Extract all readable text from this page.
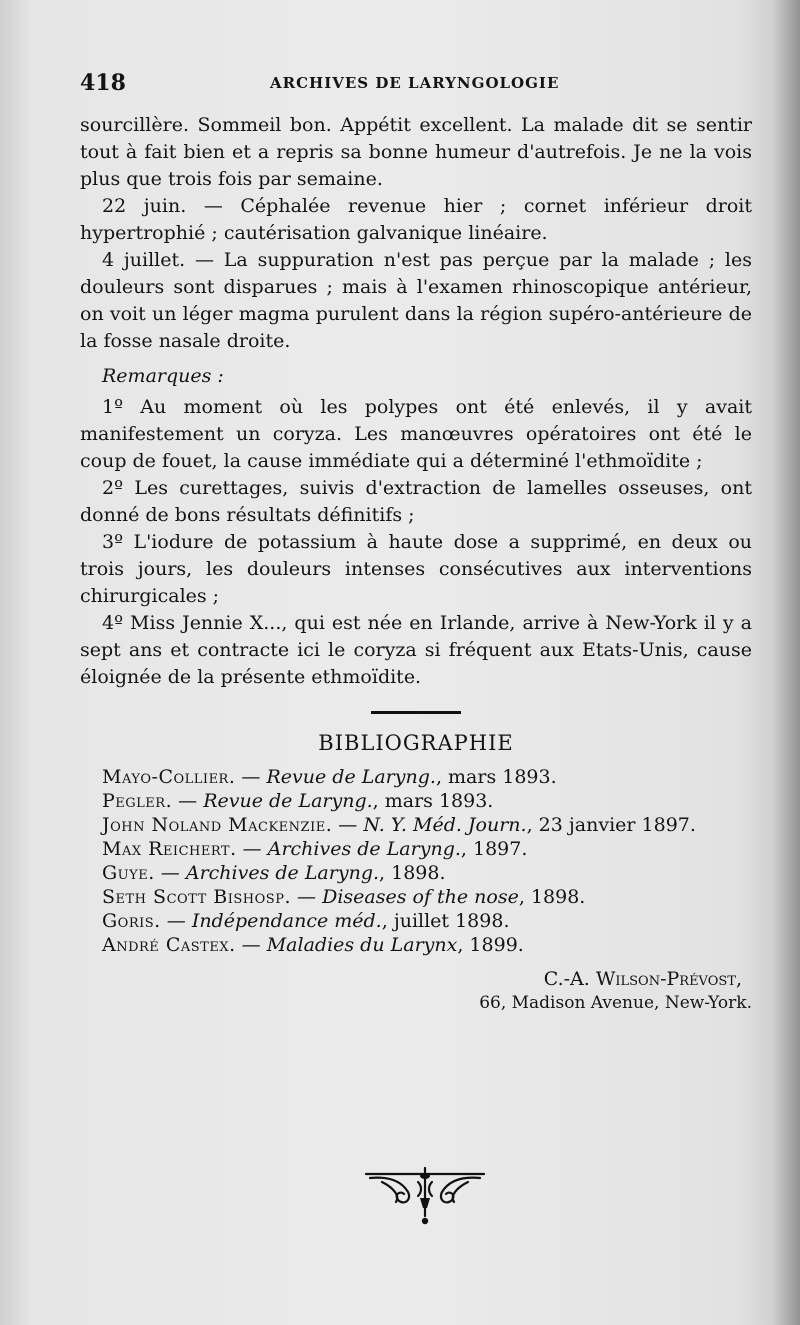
418	ARCHIVES DE LARYNGOLOGIE

sourcillère. Sommeil bon. Appétit excellent. La malade dit se sentir tout à fait bien et a repris sa bonne humeur d'autrefois. Je ne la vois plus que trois fois par semaine.

22 juin. — Céphalée revenue hier ; cornet inférieur droit hypertrophié ; cautérisation galvanique linéaire.

4 juillet. — La suppuration n'est pas perçue par la malade ; les douleurs sont disparues ; mais à l'examen rhinoscopique antérieur, on voit un léger magma purulent dans la région supéro-antérieure de la fosse nasale droite.

Remarques :

1º Au moment où les polypes ont été enlevés, il y avait manifestement un coryza. Les manœuvres opératoires ont été le coup de fouet, la cause immédiate qui a déterminé l'ethmoïdite ;

2º Les curettages, suivis d'extraction de lamelles osseuses, ont donné de bons résultats définitifs ;

3º L'iodure de potassium à haute dose a supprimé, en deux ou trois jours, les douleurs intenses consécutives aux interventions chirurgicales ;

4º Miss Jennie X..., qui est née en Irlande, arrive à New-York il y a sept ans et contracte ici le coryza si fréquent aux Etats-Unis, cause éloignée de la présente ethmoïdite.

BIBLIOGRAPHIE

Mayo-Collier. — Revue de Laryng., mars 1893.
Pegler. — Revue de Laryng., mars 1893.
John Noland Mackenzie. — N. Y. Méd. Journ., 23 janvier 1897.
Max Reichert. — Archives de Laryng., 1897.
Guye. — Archives de Laryng., 1898.
Seth Scott Bishosp. — Diseases of the nose, 1898.
Goris. — Indépendance méd., juillet 1898.
André Castex. — Maladies du Larynx, 1899.
C.-A. Wilson-Prévost,
66, Madison Avenue, New-York.
